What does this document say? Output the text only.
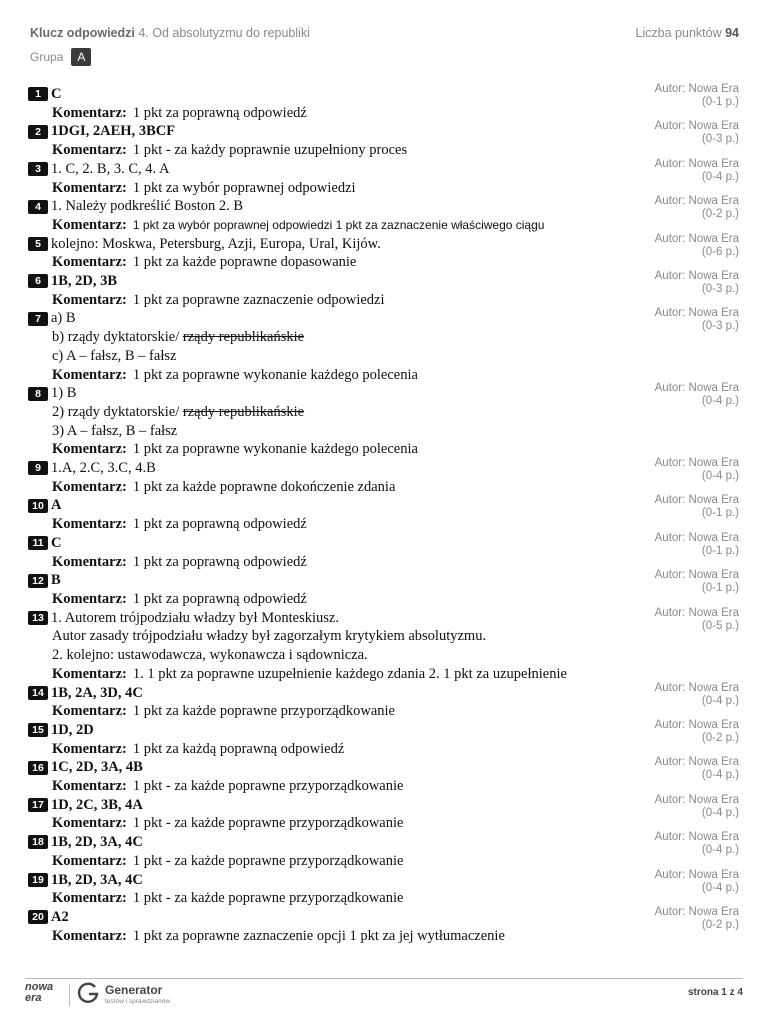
Klucz odpowiedzi 4. Od absolutyzmu do republiki	Liczba punktów 94
Grupa	A
1 C
Komentarz: 1 pkt za poprawną odpowiedź
Autor: Nowa Era
(0-1 p.)
2 1DGI, 2AEH, 3BCF
Komentarz: 1 pkt - za każdy poprawnie uzupełniony proces
Autor: Nowa Era
(0-3 p.)
3 1. C, 2. B, 3. C, 4. A
Komentarz: 1 pkt za wybór poprawnej odpowiedzi
Autor: Nowa Era
(0-4 p.)
4 1. Należy podkreślić Boston 2. B
Komentarz: 1 pkt za wybór poprawnej odpowiedzi 1 pkt za zaznaczenie właściwego ciągu
Autor: Nowa Era
(0-2 p.)
5 kolejno: Moskwa, Petersburg, Azji, Europa, Ural, Kijów.
Komentarz: 1 pkt za każde poprawne dopasowanie
Autor: Nowa Era
(0-6 p.)
6 1B, 2D, 3B
Komentarz: 1 pkt za poprawne zaznaczenie odpowiedzi
Autor: Nowa Era
(0-3 p.)
7 a) B
b) rządy dyktatorskie/
rządy republikańskie
c) A – fałsz, B – fałsz
Komentarz: 1 pkt za poprawne wykonanie każdego polecenia
Autor: Nowa Era
(0-3 p.)
8 1) B
2) rządy dyktatorskie/
rządy republikańskie
3) A – fałsz, B – fałsz
Komentarz: 1 pkt za poprawne wykonanie każdego polecenia
Autor: Nowa Era
(0-4 p.)
9 1.A, 2.C, 3.C, 4.B
Komentarz: 1 pkt za każde poprawne dokończenie zdania
Autor: Nowa Era
(0-4 p.)
10 A
Komentarz: 1 pkt za poprawną odpowiedź
Autor: Nowa Era
(0-1 p.)
11 C
Komentarz: 1 pkt za poprawną odpowiedź
Autor: Nowa Era
(0-1 p.)
12 B
Komentarz: 1 pkt za poprawną odpowiedź
Autor: Nowa Era
(0-1 p.)
13 1. Autorem trójpodziału władzy był Monteskiusz.
Autor zasady trójpodziału władzy był zagorzałym krytykiem absolutyzmu.
2. kolejno: ustawodawcza, wykonawcza i sądownicza.
Komentarz: 1. 1 pkt za poprawne uzupełnienie każdego zdania 2. 1 pkt za uzupełnienie
Autor: Nowa Era
(0-5 p.)
14 1B, 2A, 3D, 4C
Komentarz: 1 pkt za każde poprawne przyporządkowanie
Autor: Nowa Era
(0-4 p.)
15 1D, 2D
Komentarz: 1 pkt za każdą poprawną odpowiedź
Autor: Nowa Era
(0-2 p.)
16 1C, 2D, 3A, 4B
Komentarz: 1 pkt - za każde poprawne przyporządkowanie
Autor: Nowa Era
(0-4 p.)
17 1D, 2C, 3B, 4A
Komentarz: 1 pkt - za każde poprawne przyporządkowanie
Autor: Nowa Era
(0-4 p.)
18 1B, 2D, 3A, 4C
Komentarz: 1 pkt - za każde poprawne przyporządkowanie
Autor: Nowa Era
(0-4 p.)
19 1B, 2D, 3A, 4C
Komentarz: 1 pkt - za każde poprawne przyporządkowanie
Autor: Nowa Era
(0-4 p.)
20 A2
Komentarz: 1 pkt za poprawne zaznaczenie opcji 1 pkt za jej wytłumaczenie
Autor: Nowa Era
(0-2 p.)
nowa
era
Generator
testów i sprawdzianów
strona 1 z 4
